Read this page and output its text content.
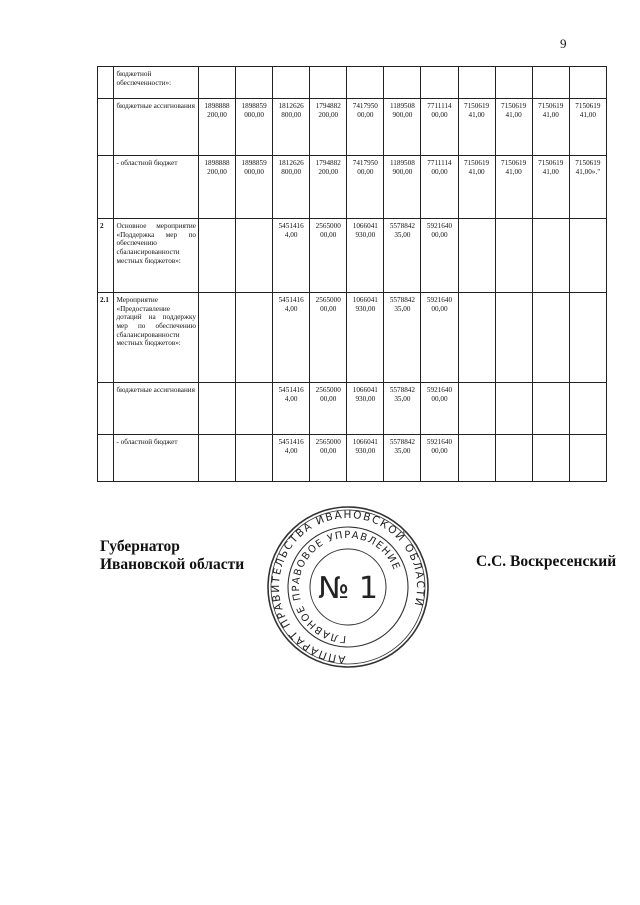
9
	бюджетной обеспеченности»:											
	бюджетные ассигнования	1898888 200,00	1898859 000,00	1812626 800,00	1794882 200,00	7417950 00,00	1189508 900,00	7711114 00,00	7150619 41,00	7150619 41,00	7150619 41,00	7150619 41,00
	- областной бюджет	1898888 200,00	1898859 000,00	1812626 800,00	1794882 200,00	7417950 00,00	1189508 900,00	7711114 00,00	7150619 41,00	7150619 41,00	7150619 41,00	7150619 41,00»."
2	Основное мероприятие «Поддержка мер по обеспечению сбалансированности местных бюджетов»:			5451416 4,00	2565000 00,00	1066041 930,00	5578842 35,00	5921640 00,00				
2.1	Мероприятие «Предоставление дотаций на поддержку мер по обеспечению сбалансированности местных бюджетов»:			5451416 4,00	2565000 00,00	1066041 930,00	5578842 35,00	5921640 00,00				
	бюджетные ассигнования			5451416 4,00	2565000 00,00	1066041 930,00	5578842 35,00	5921640 00,00				
	- областной бюджет			5451416 4,00	2565000 00,00	1066041 930,00	5578842 35,00	5921640 00,00				
Губернатор
Ивановской области	С.С. Воскресенский
АППАРАТ ПРАВИТЕЛЬСТВА ИВАНОВСКОЙ ОБЛАСТИ
ГЛАВНОЕ ПРАВОВОЕ УПРАВЛЕНИЕ
№ 1
